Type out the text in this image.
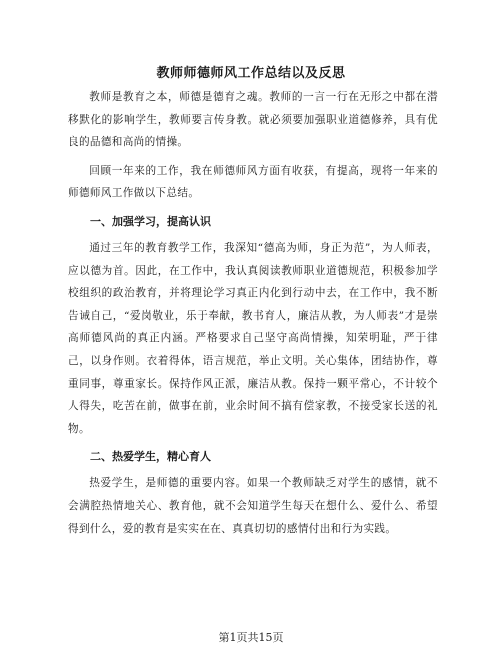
教师师德师风工作总结以及反思

教师是教育之本，师德是德育之魂。教师的一言一行在无形之中都在潜移默化的影响学生，教师要言传身教。就必须要加强职业道德修养，具有优良的品德和高尚的情操。

回顾一年来的工作，我在师德师风方面有收获，有提高，现将一年来的师德师风工作做以下总结。

一、加强学习，提高认识

通过三年的教育教学工作，我深知“德高为师，身正为范”，为人师表，应以德为首。因此，在工作中，我认真阅读教师职业道德规范，积极参加学校组织的政治教育，并将理论学习真正内化到行动中去，在工作中，我不断告诫自己，“爱岗敬业，乐于奉献，教书育人，廉洁从教，为人师表”才是崇高师德风尚的真正内涵。严格要求自己坚守高尚情操，知荣明耻，严于律己，以身作则。衣着得体，语言规范，举止文明。关心集体，团结协作，尊重同事，尊重家长。保持作风正派，廉洁从教。保持一颗平常心，不计较个人得失，吃苦在前，做事在前，业余时间不搞有偿家教，不接受家长送的礼物。

二、热爱学生，精心育人

热爱学生，是师德的重要内容。如果一个教师缺乏对学生的感情，就不会满腔热情地关心、教育他，就不会知道学生每天在想什么、爱什么、希望得到什么，爱的教育是实实在在、真真切切的感情付出和行为实践。

第1页共15页
